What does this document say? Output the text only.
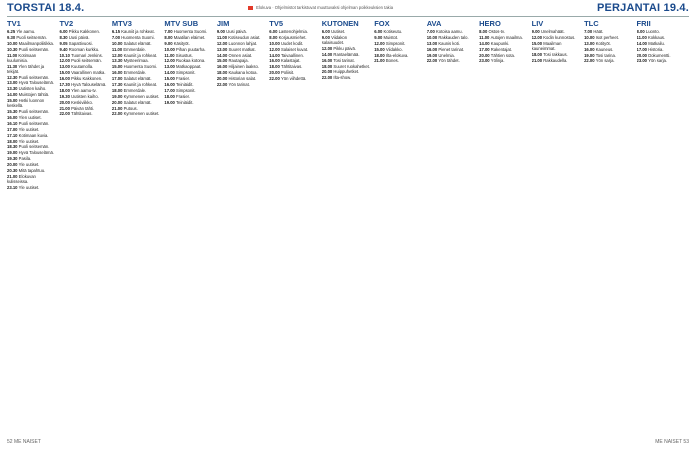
TORSTAI 18.4.	Elokuva · Ohjelmistot tarkistuvat muuttuvaksi ohjelman poikkeuksien takia	PERJANTAI 19.4.
TV1
6.25 Yle aamu.
9.30 Puoli seitsemän.
10.00 Maailmanpoliitikka.
10.30 Puoli seitsemän.
11.00 Kotimaan kuulumisia.
11.30 Ylen tähdet ja tekijät.
12.30 Puoli seitsemän.
13.00 Hyvä Talouselämä.
13.30 Uutisten kaiho.
14.00 Muistojen tähtiä.
15.00 Hetki luonnon keskellä.
15.30 Puoli seitsemän.
16.00 Ylen uutiset.
16.10 Puoli seitsemän.
17.00 Yle uutiset.
17.10 Kotimaan kuvia.
18.00 Yle uutiset.
18.30 Puoli seitsemän.
19.00 Hyvä Talouselämä.
19.30 Pasila.
20.00 Yle uutiset.
20.30 Mitä tapahtuu.
21.00 Elokuvan kulisseissa.
23.10 Yle uutiset.
TV2
6.00 Pikku Kakkonen.
8.30 Uusi päivä.
9.05 Sapattivuosi.
9.40 Rooman kurkku.
10.10 Tuomari Jenkins.
12.00 Puoli seitsemän.
13.00 Kuutamolla.
15.00 Vaarallinen matka.
16.00 Pikku Kakkonen.
17.30 Hyvä Talouselämä.
18.00 Ylen aamu-tv.
19.30 Uutisten kaiho.
20.00 Keskiviikko.
21.00 Päivän tähti.
22.00 Tähtitaivas.
MTV3
6.15 Kauniit ja rohkeat.
7.00 Huomenta Suomi.
10.00 Salatut elämät.
11.00 Emmerdale.
12.00 Kauniit ja rohkeat.
13.30 Mysteerimaa.
15.00 Huomenta Suomi.
16.00 Emmerdale.
17.00 Salatut elämät.
17.30 Kauniit ja rohkeat.
18.00 Emmerdale.
19.00 Kymmenen uutiset.
20.00 Salatut elämät.
21.00 Putous.
22.00 Kymmenen uutiset.
MTV SUB
7.00 Huomenta Suomi.
8.00 Maatilan eläimet.
9.00 Käsityöt.
10.00 Pihan puutarha.
11.00 Sisustus.
12.00 Ruokaa kotona.
13.00 Matkaoppaat.
14.00 Simpsonit.
15.00 Frasier.
16.00 Teiniäidit.
17.00 Simpsonit.
18.00 Frasier.
19.00 Teiniäidit.
JIM
9.00 Uusi päivä.
11.00 Kotiseudun asiat.
12.00 Luonnon lahjat.
13.00 Suuret matkat.
14.00 Onnen asiat.
15.00 Rautapaja.
16.00 Hiljainen laakso.
18.00 Kaukana kotoa.
20.00 Historian salat.
22.00 Yön tarinat.
TV5
6.00 Lastenohjelmia.
8.00 Korjausmiehet.
10.00 Uudet kodit.
12.00 Salaiset kuvat.
14.00 Taivaallinen.
16.00 Kalastajat.
18.00 Tähtitaivas.
20.00 Poliisit.
22.00 Yön viihdettä.
KUTONEN
6.00 Uutiset.
9.00 Viidakon salaisuudet.
12.00 Pikku päivä.
14.00 Rantaelämää.
16.00 Tosi tarinat.
18.00 Suuret ruokahetket.
20.00 Huippuhetket.
22.00 Ilta-show.
FOX
6.00 Kotiseutu.
9.00 Muistot.
12.00 Simpsonit.
15.00 Viidakko.
18.00 Ilta-elokuva.
21.00 Bones.
AVA
7.00 Kotoisa aamu.
10.00 Rakkauden talo.
13.00 Kaunis koti.
16.00 Pienet tarinat.
19.00 Unelmia.
22.00 Yön tähdet.
HERO
8.00 Ostos-tv.
11.00 Autojen maailma.
14.00 Kaupunki.
17.00 Rakentajat.
20.00 Tähtien sota.
23.00 Yölinja.
LIV
9.00 Unelmahäät.
12.00 Kodin kunnostus.
15.00 Maailman kauneimmat.
18.00 Tosi rakkaus.
21.00 Rakkaudella.
TLC
7.00 Häät.
10.00 Isot perheet.
13.00 Kotityöt.
16.00 Kauneus.
19.00 Tosi tarina.
22.00 Yön sarja.
FRII
8.00 Luonto.
11.00 Kokkaus.
14.00 Matkailu.
17.00 Historia.
20.00 Dokumentti.
23.00 Yön sarja.
52 ME NAISET	ME NAISET 53
